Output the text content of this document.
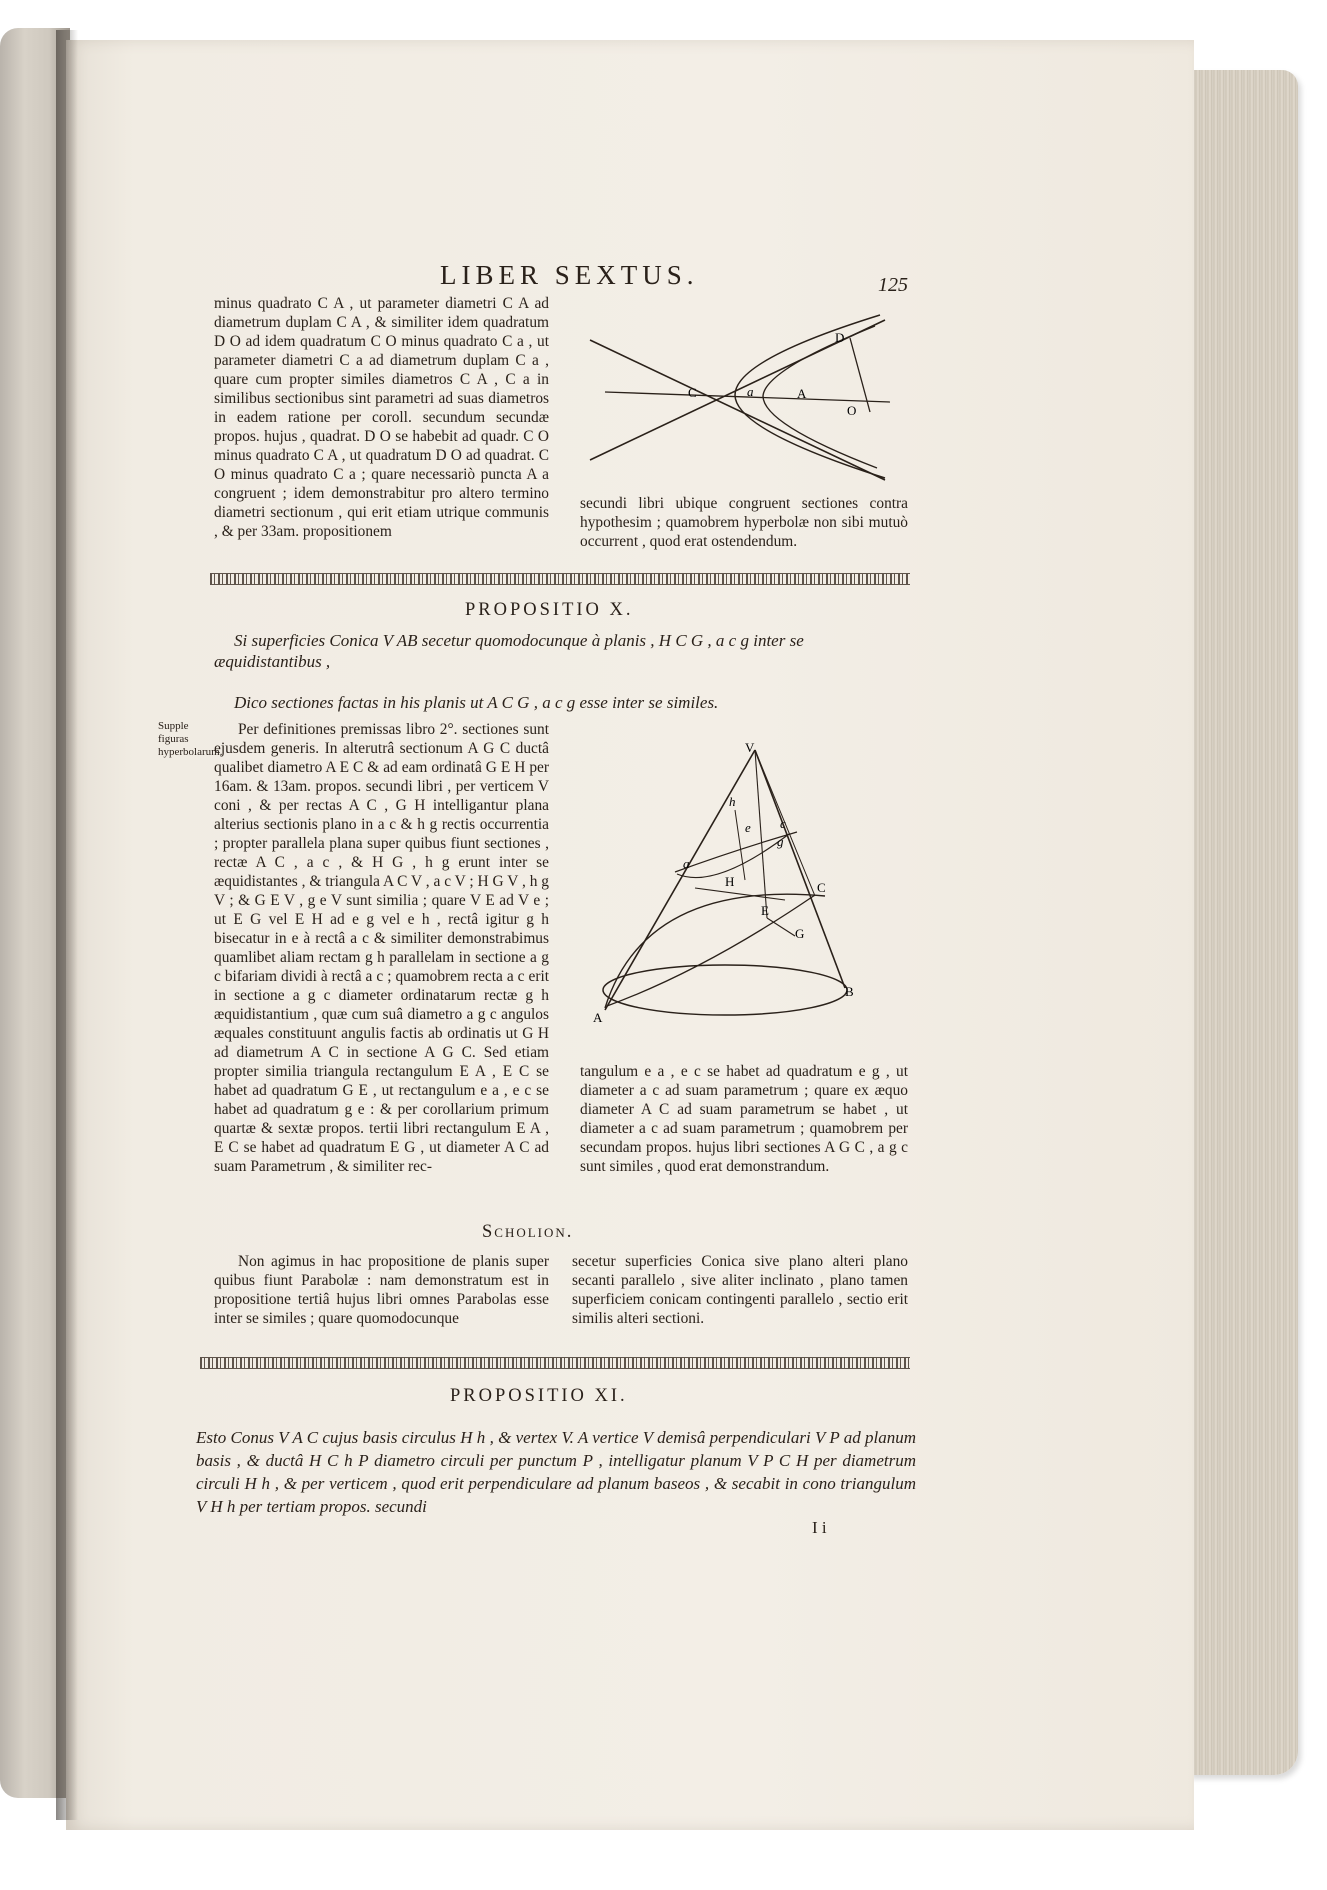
LIBER SEXTUS.	125

minus quadrato C A , ut parameter diametri C A ad diametrum duplam C A , & similiter idem quadratum D O ad idem quadratum C O minus quadrato C a , ut parameter diametri C a ad diametrum duplam C a , quare cum propter similes diametros C A , C a in similibus sectionibus sint parametri ad suas diametros in eadem ratione per coroll. secundum secundæ propos. hujus , quadrat. D O se habebit ad quadr. C O minus quadrato C A , ut quadratum D O ad quadrat. C O minus quadrato C a ; quare necessariò puncta A a congruent ; idem demonstrabitur pro altero termino diametri sectionum , qui erit etiam utrique communis , & per 33am. propositionem

D
C	a	A
O

secundi libri ubique congruent sectiones contra hypothesim ; quamobrem hyperbolæ non sibi mutuò occurrent , quod erat ostendendum.

PROPOSITIO X.
Si superficies Conica V AB secetur quomodocunque à planis , H C G , a c g inter se æquidistantibus ,
Dico sectiones factas in his planis ut A C G , a c g esse inter se similes.
Supple figuras hyperbolarum.

Per definitiones premissas libro 2°. sectiones sunt ejusdem generis. In alterutrâ sectionum A G C ductâ qualibet diametro A E C & ad eam ordinatâ G E H per 16am. & 13am. propos. secundi libri , per verticem V coni , & per rectas A C , G H intelligantur plana alterius sectionis plano in a c & h g rectis occurrentia ; propter parallela plana super quibus fiunt sectiones , rectæ A C , a c , & H G , h g erunt inter se æquidistantes , & triangula A C V , a c V ; H G V , h g V ; & G E V , g e V sunt similia ; quare V E ad V e ; ut E G vel E H ad e g vel e h , rectâ igitur g h bisecatur in e à rectâ a c & similiter demonstrabimus quamlibet aliam rectam g h parallelam in sectione a g c bifariam dividi à rectâ a c ; quamobrem recta a c erit in sectione a g c diameter ordinatarum rectæ g h æquidistantium , quæ cum suâ diametro a g c angulos æquales constituunt angulis factis ab ordinatis ut G H ad diametrum A C in sectione A G C. Sed etiam propter similia triangula rectangulum E A , E C se habet ad quadratum G E , ut rectangulum e a , e c se habet ad quadratum g e : & per corollarium primum quartæ & sextæ propos. tertii libri rectangulum E A , E C se habet ad quadratum E G , ut diameter A C ad suam Parametrum , & similiter rec-

V
h
c
g
a
H	C
E
G
A
B
e

tangulum e a , e c se habet ad quadratum e g , ut diameter a c ad suam parametrum ; quare ex æquo diameter A C ad suam parametrum se habet , ut diameter a c ad suam parametrum ; quamobrem per secundam propos. hujus libri sectiones A G C , a g c sunt similes , quod erat demonstrandum.

Scholion.

Non agimus in hac propositione de planis super quibus fiunt Parabolæ : nam demonstratum est in propositione tertiâ hujus libri omnes Parabolas esse inter se similes ; quare quomodocunque

secetur superficies Conica sive plano alteri plano secanti parallelo , sive aliter inclinato , plano tamen superficiem conicam contingenti parallelo , sectio erit similis alteri sectioni.

PROPOSITIO XI.
Esto Conus V A C cujus basis circulus H h , & vertex V. A vertice V demisâ perpendiculari V P ad planum basis , & ductâ H C h P diametro circuli per punctum P , intelligatur planum V P C H per diametrum circuli H h , & per verticem , quod erit perpendiculare ad planum baseos , & secabit in cono triangulum V H h per tertiam propos. secundi
I i
